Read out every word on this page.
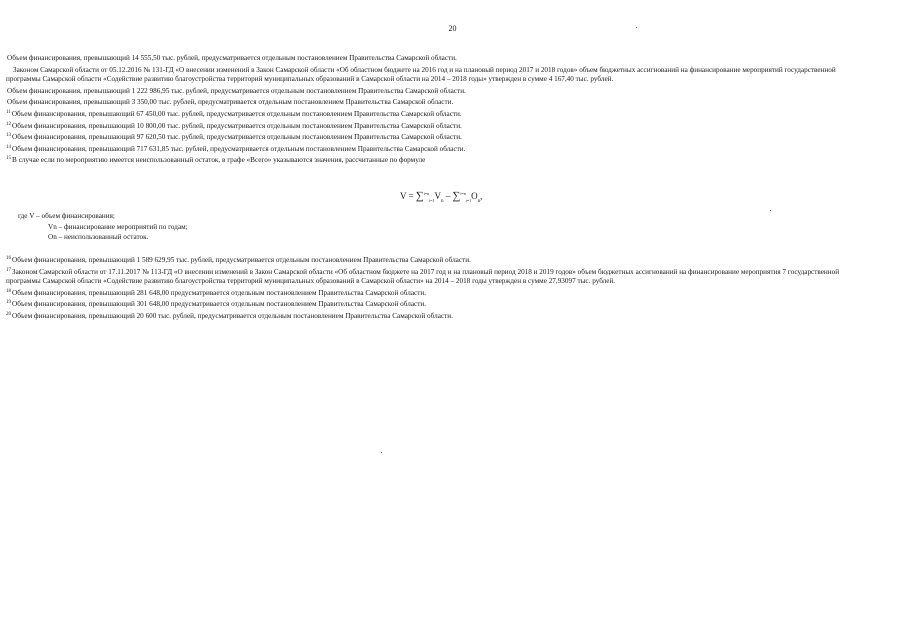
20

Объем финансирования, превышающий 14 555,50 тыс. рублей, предусматривается отдельным постановлением Правительства Самарской области.

Законом Самарской области от 05.12.2016 № 131-ГД «О внесении изменений в Закон Самарской области «Об областном бюджете на 2016 год и на плановый период 2017 и 2018 годов» объем бюджетных ассигнований на финансирование мероприятий государственной программы Самарской области «Содействие развитию благоустройства территорий муниципальных образований в Самарской области на 2014 – 2018 годы» утвержден в сумме 4 167,40 тыс. рублей.

Объем финансирования, превышающий 1 222 986,95 тыс. рублей, предусматривается отдельным постановлением Правительства Самарской области.

Объем финансирования, превышающий 3 350,00 тыс. рублей, предусматривается отдельным постановлением Правительства Самарской области.

$^{11}$Объем финансирования, превышающий 67 450,00 тыс. рублей, предусматривается отдельным постановлением Правительства Самарской области.

$^{12}$Объем финансирования, превышающий 10 800,00 тыс. рублей, предусматривается отдельным постановлением Правительства Самарской области.

$^{13}$Объем финансирования, превышающий 97 620,50 тыс. рублей, предусматривается отдельным постановлением Правительства Самарской области.

$^{14}$Объем финансирования, превышающий 717 631,85 тыс. рублей, предусматривается отдельным постановлением Правительства Самарской области.

$^{15}$В случае если по мероприятию имеется неиспользованный остаток, в графе «Всего» указываются значения, рассчитанные по формуле

$V = \sum^{i=n}_{i=1}V_n - \sum^{i=n}_{i=1}O_n$,
где V – объем финансирования;
Vn – финансирование мероприятий по годам;
Оn – неиспользованный остаток.

$^{16}$Объем финансирования, превышающий 1 589 629,95 тыс. рублей, предусматривается отдельным постановлением Правительства Самарской области.

$^{17}$Законом Самарской области от 17.11.2017 № 113-ГД «О внесении изменений в Закон Самарской области «Об областном бюджете на 2017 год и на плановый период 2018 и 2019 годов» объем бюджетных ассигнований на финансирование мероприятия 7 государственной программы Самарской области «Содействие развитию благоустройства территорий муниципальных образований в Самарской области» на 2014 – 2018 годы утвержден в сумме 27,93097 тыс. рублей.

$^{18}$Объем финансирования, превышающий 281 648,00 предусматривается отдельным постановлением Правительства Самарской области.

$^{19}$Объем финансирования, превышающий 301 648,00 предусматривается отдельным постановлением Правительства Самарской области.

$^{20}$Объем финансирования, превышающий 20 600 тыс. рублей, предусматривается отдельным постановлением Правительства Самарской области.
